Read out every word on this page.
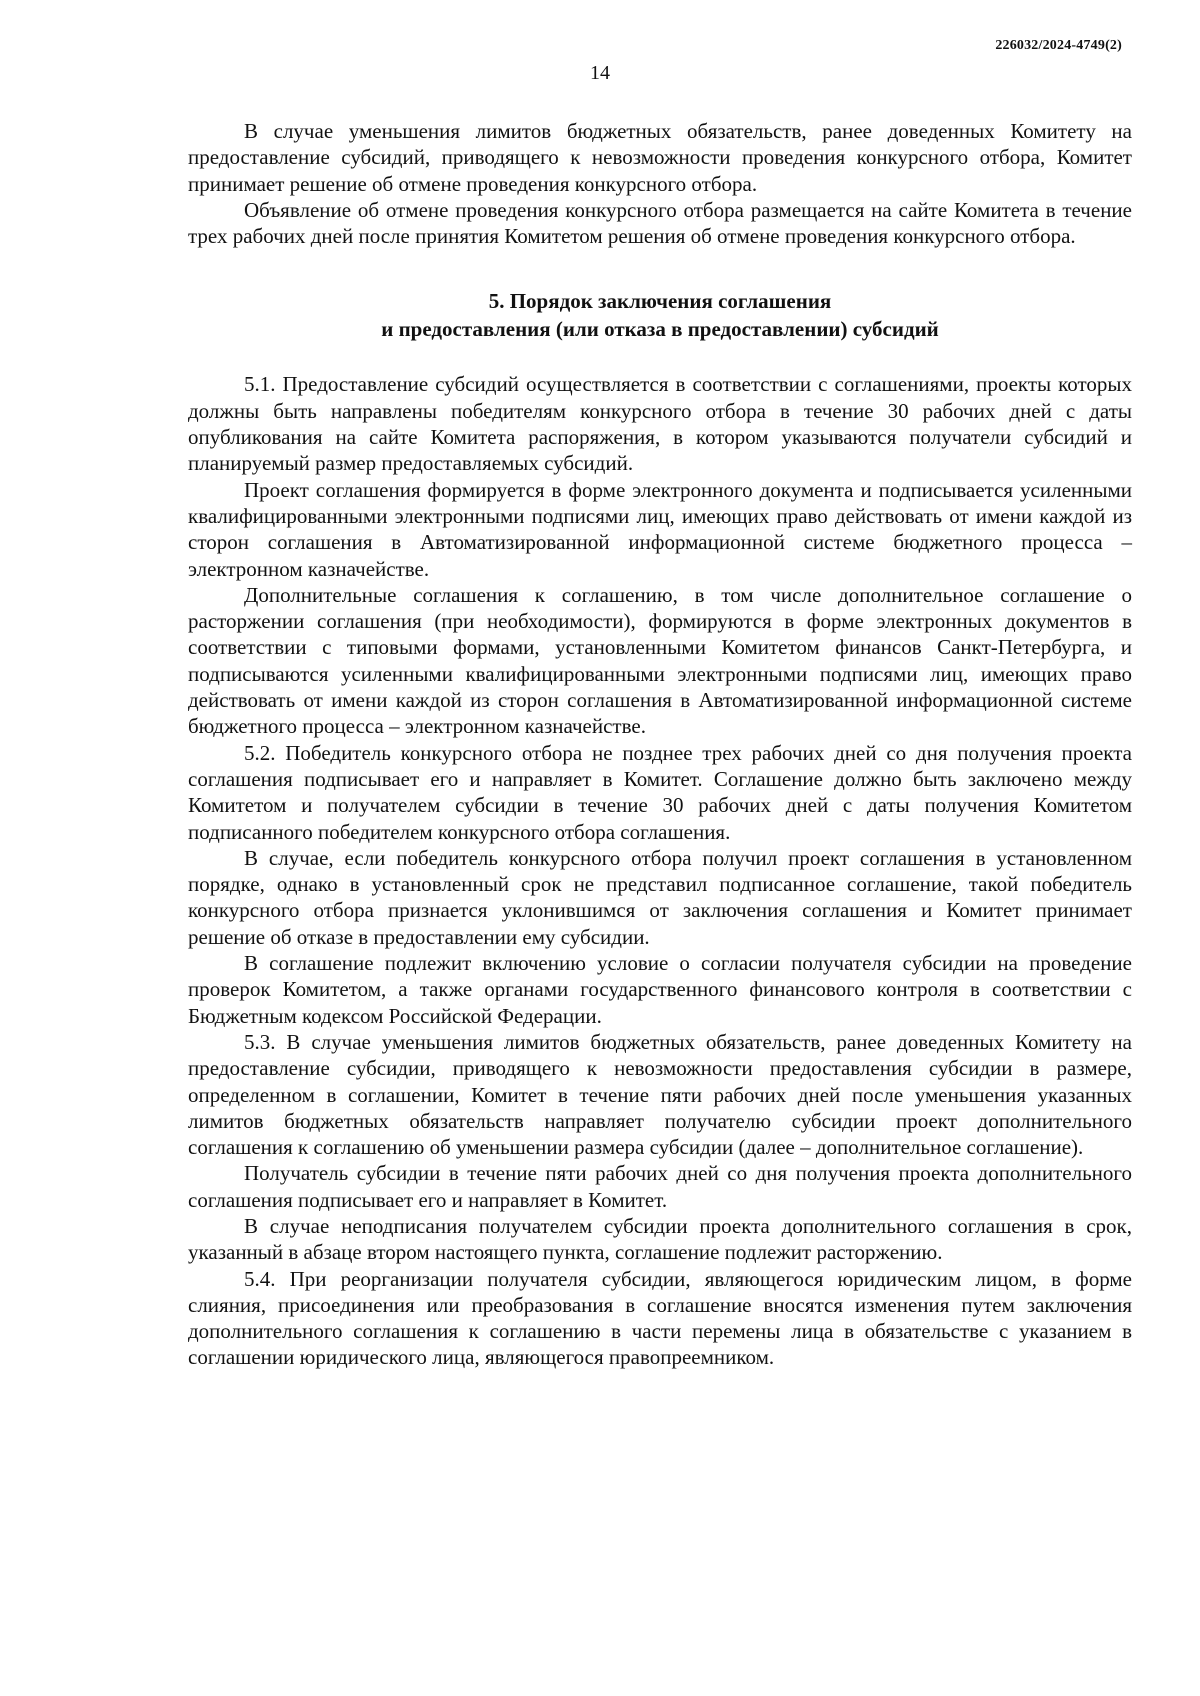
226032/2024-4749(2)
14

В случае уменьшения лимитов бюджетных обязательств, ранее доведенных Комитету на предоставление субсидий, приводящего к невозможности проведения конкурсного отбора, Комитет принимает решение об отмене проведения конкурсного отбора.

Объявление об отмене проведения конкурсного отбора размещается на сайте Комитета в течение трех рабочих дней после принятия Комитетом решения об отмене проведения конкурсного отбора.

5. Порядок заключения соглашения
и предоставления (или отказа в предоставлении) субсидий

5.1. Предоставление субсидий осуществляется в соответствии с соглашениями, проекты которых должны быть направлены победителям конкурсного отбора в течение 30 рабочих дней с даты опубликования на сайте Комитета распоряжения, в котором указываются получатели субсидий и планируемый размер предоставляемых субсидий.

Проект соглашения формируется в форме электронного документа и подписывается усиленными квалифицированными электронными подписями лиц, имеющих право действовать от имени каждой из сторон соглашения в Автоматизированной информационной системе бюджетного процесса – электронном казначействе.

Дополнительные соглашения к соглашению, в том числе дополнительное соглашение о расторжении соглашения (при необходимости), формируются в форме электронных документов в соответствии с типовыми формами, установленными Комитетом финансов Санкт-Петербурга, и подписываются усиленными квалифицированными электронными подписями лиц, имеющих право действовать от имени каждой из сторон соглашения в Автоматизированной информационной системе бюджетного процесса – электронном казначействе.

5.2. Победитель конкурсного отбора не позднее трех рабочих дней со дня получения проекта соглашения подписывает его и направляет в Комитет. Соглашение должно быть заключено между Комитетом и получателем субсидии в течение 30 рабочих дней с даты получения Комитетом подписанного победителем конкурсного отбора соглашения.

В случае, если победитель конкурсного отбора получил проект соглашения в установленном порядке, однако в установленный срок не представил подписанное соглашение, такой победитель конкурсного отбора признается уклонившимся от заключения соглашения и Комитет принимает решение об отказе в предоставлении ему субсидии.

В соглашение подлежит включению условие о согласии получателя субсидии на проведение проверок Комитетом, а также органами государственного финансового контроля в соответствии с Бюджетным кодексом Российской Федерации.

5.3. В случае уменьшения лимитов бюджетных обязательств, ранее доведенных Комитету на предоставление субсидии, приводящего к невозможности предоставления субсидии в размере, определенном в соглашении, Комитет в течение пяти рабочих дней после уменьшения указанных лимитов бюджетных обязательств направляет получателю субсидии проект дополнительного соглашения к соглашению об уменьшении размера субсидии (далее – дополнительное соглашение).

Получатель субсидии в течение пяти рабочих дней со дня получения проекта дополнительного соглашения подписывает его и направляет в Комитет.

В случае неподписания получателем субсидии проекта дополнительного соглашения в срок, указанный в абзаце втором настоящего пункта, соглашение подлежит расторжению.

5.4. При реорганизации получателя субсидии, являющегося юридическим лицом, в форме слияния, присоединения или преобразования в соглашение вносятся изменения путем заключения дополнительного соглашения к соглашению в части перемены лица в обязательстве с указанием в соглашении юридического лица, являющегося правопреемником.
